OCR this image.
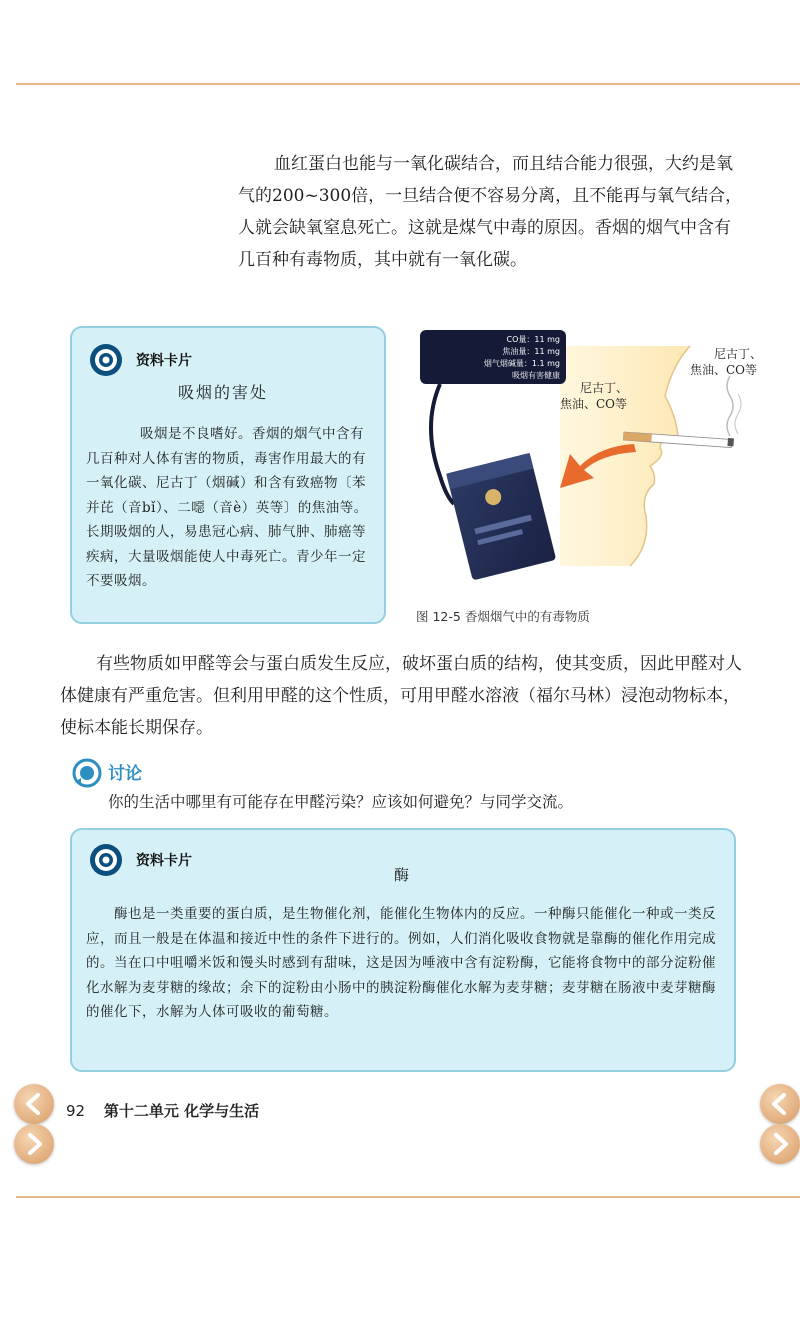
血红蛋白也能与一氧化碳结合，而且结合能力很强，大约是氧气的200~300倍，一旦结合便不容易分离，且不能再与氧气结合，人就会缺氧窒息死亡。这就是煤气中毒的原因。香烟的烟气中含有几百种有毒物质，其中就有一氧化碳。
资料卡片
吸烟的害处
吸烟是不良嗜好。香烟的烟气中含有几百种对人体有害的物质，毒害作用最大的有一氧化碳、尼古丁（烟碱）和含有致癌物〔苯并芘（音bǐ）、二噁（音è）英等〕的焦油等。长期吸烟的人，易患冠心病、肺气肿、肺癌等疾病，大量吸烟能使人中毒死亡。青少年一定不要吸烟。
CO量：11 mg
焦油量：11 mg
烟气烟碱量：1.1 mg
吸烟有害健康
尼古丁、
焦油、CO等
尼古丁、
焦油、CO等
图 12-5 香烟烟气中的有毒物质
有些物质如甲醛等会与蛋白质发生反应，破坏蛋白质的结构，使其变质，因此甲醛对人体健康有严重危害。但利用甲醛的这个性质，可用甲醛水溶液（福尔马林）浸泡动物标本，使标本能长期保存。
讨论
你的生活中哪里有可能存在甲醛污染？应该如何避免？与同学交流。
资料卡片
酶
酶也是一类重要的蛋白质，是生物催化剂，能催化生物体内的反应。一种酶只能催化一种或一类反应，而且一般是在体温和接近中性的条件下进行的。例如，人们消化吸收食物就是靠酶的催化作用完成的。当在口中咀嚼米饭和馒头时感到有甜味，这是因为唾液中含有淀粉酶，它能将食物中的部分淀粉催化水解为麦芽糖的缘故；余下的淀粉由小肠中的胰淀粉酶催化水解为麦芽糖；麦芽糖在肠液中麦芽糖酶的催化下，水解为人体可吸收的葡萄糖。
92 第十二单元 化学与生活
